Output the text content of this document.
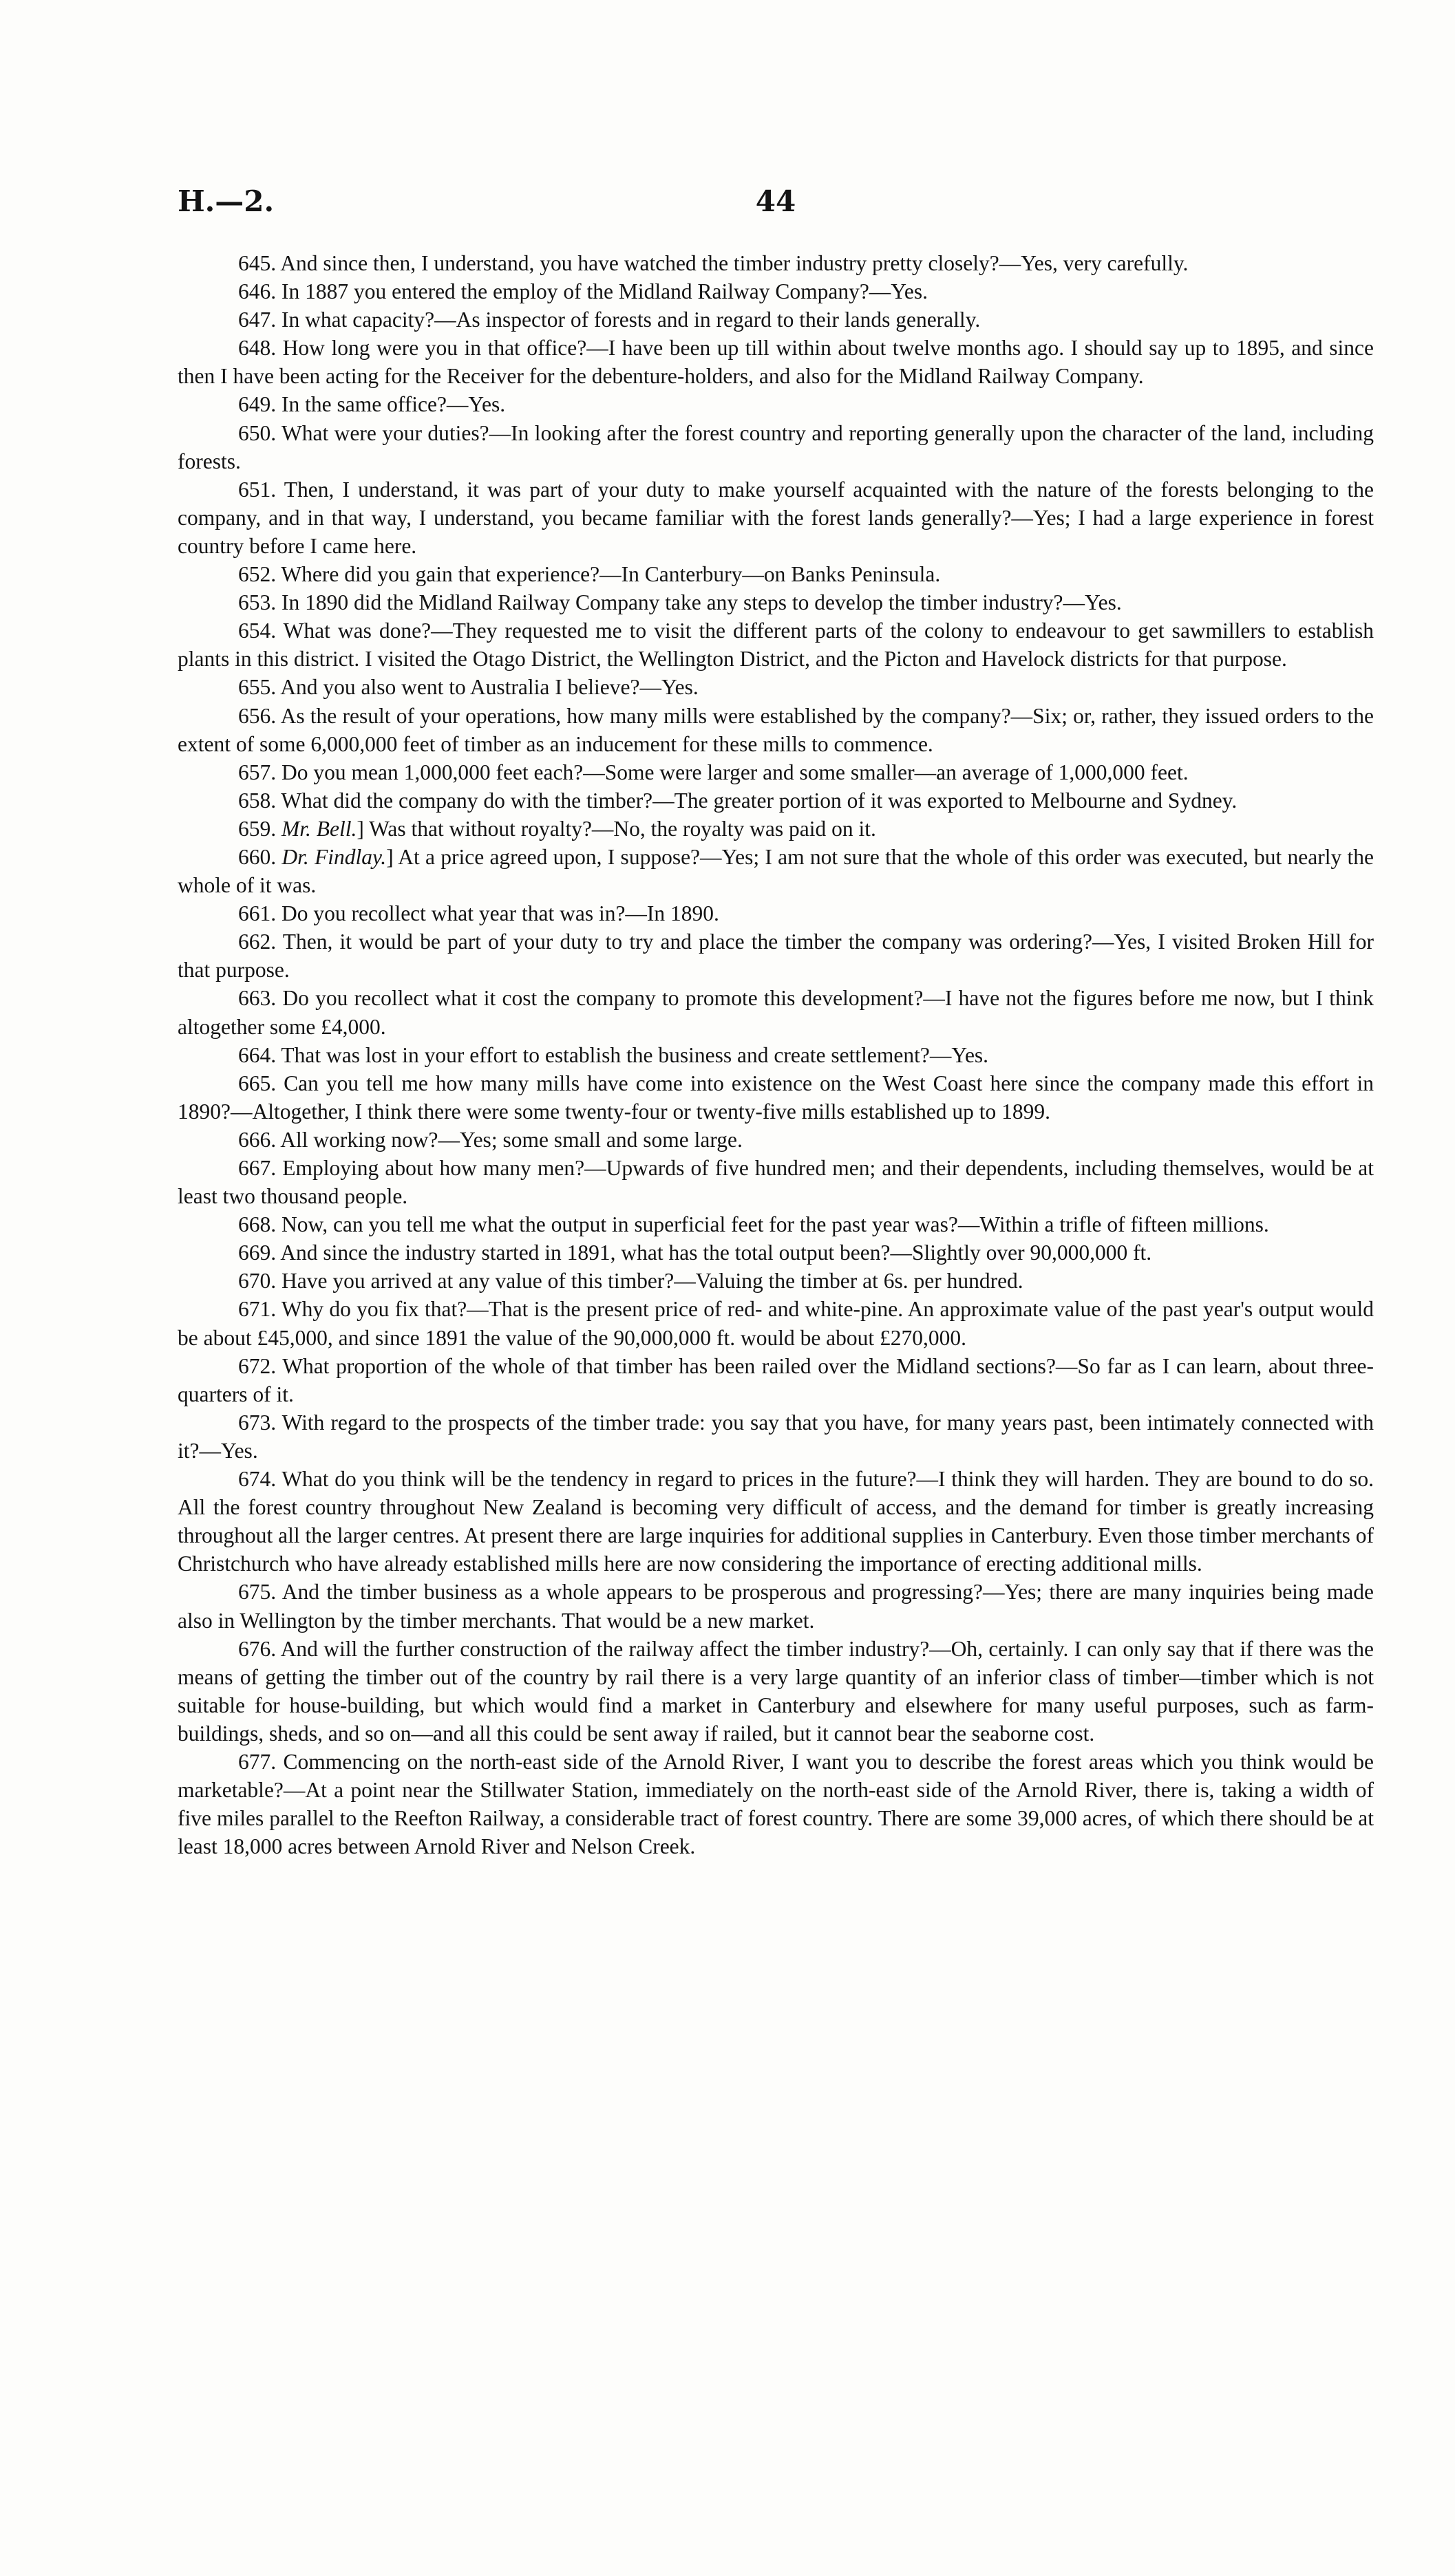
H.—2.	44

645. And since then, I understand, you have watched the timber industry pretty closely?—Yes, very carefully.

646. In 1887 you entered the employ of the Midland Railway Company?—Yes.

647. In what capacity?—As inspector of forests and in regard to their lands generally.

648. How long were you in that office?—I have been up till within about twelve months ago. I should say up to 1895, and since then I have been acting for the Receiver for the debenture-holders, and also for the Midland Railway Company.

649. In the same office?—Yes.

650. What were your duties?—In looking after the forest country and reporting generally upon the character of the land, including forests.

651. Then, I understand, it was part of your duty to make yourself acquainted with the nature of the forests belonging to the company, and in that way, I understand, you became familiar with the forest lands generally?—Yes; I had a large experience in forest country before I came here.

652. Where did you gain that experience?—In Canterbury—on Banks Peninsula.

653. In 1890 did the Midland Railway Company take any steps to develop the timber industry?—Yes.

654. What was done?—They requested me to visit the different parts of the colony to endeavour to get sawmillers to establish plants in this district. I visited the Otago District, the Wellington District, and the Picton and Havelock districts for that purpose.

655. And you also went to Australia I believe?—Yes.

656. As the result of your operations, how many mills were established by the company?—Six; or, rather, they issued orders to the extent of some 6,000,000 feet of timber as an inducement for these mills to commence.

657. Do you mean 1,000,000 feet each?—Some were larger and some smaller—an average of 1,000,000 feet.

658. What did the company do with the timber?—The greater portion of it was exported to Melbourne and Sydney.

659. Mr. Bell.] Was that without royalty?—No, the royalty was paid on it.

660. Dr. Findlay.] At a price agreed upon, I suppose?—Yes; I am not sure that the whole of this order was executed, but nearly the whole of it was.

661. Do you recollect what year that was in?—In 1890.

662. Then, it would be part of your duty to try and place the timber the company was ordering?—Yes, I visited Broken Hill for that purpose.

663. Do you recollect what it cost the company to promote this development?—I have not the figures before me now, but I think altogether some £4,000.

664. That was lost in your effort to establish the business and create settlement?—Yes.

665. Can you tell me how many mills have come into existence on the West Coast here since the company made this effort in 1890?—Altogether, I think there were some twenty-four or twenty-five mills established up to 1899.

666. All working now?—Yes; some small and some large.

667. Employing about how many men?—Upwards of five hundred men; and their dependents, including themselves, would be at least two thousand people.

668. Now, can you tell me what the output in superficial feet for the past year was?—Within a trifle of fifteen millions.

669. And since the industry started in 1891, what has the total output been?—Slightly over 90,000,000 ft.

670. Have you arrived at any value of this timber?—Valuing the timber at 6s. per hundred.

671. Why do you fix that?—That is the present price of red- and white-pine. An approximate value of the past year's output would be about £45,000, and since 1891 the value of the 90,000,000 ft. would be about £270,000.

672. What proportion of the whole of that timber has been railed over the Midland sections?—So far as I can learn, about three-quarters of it.

673. With regard to the prospects of the timber trade: you say that you have, for many years past, been intimately connected with it?—Yes.

674. What do you think will be the tendency in regard to prices in the future?—I think they will harden. They are bound to do so. All the forest country throughout New Zealand is becoming very difficult of access, and the demand for timber is greatly increasing throughout all the larger centres. At present there are large inquiries for additional supplies in Canterbury. Even those timber merchants of Christchurch who have already established mills here are now considering the importance of erecting additional mills.

675. And the timber business as a whole appears to be prosperous and progressing?—Yes; there are many inquiries being made also in Wellington by the timber merchants. That would be a new market.

676. And will the further construction of the railway affect the timber industry?—Oh, certainly. I can only say that if there was the means of getting the timber out of the country by rail there is a very large quantity of an inferior class of timber—timber which is not suitable for house-building, but which would find a market in Canterbury and elsewhere for many useful purposes, such as farm-buildings, sheds, and so on—and all this could be sent away if railed, but it cannot bear the seaborne cost.

677. Commencing on the north-east side of the Arnold River, I want you to describe the forest areas which you think would be marketable?—At a point near the Stillwater Station, immediately on the north-east side of the Arnold River, there is, taking a width of five miles parallel to the Reefton Railway, a considerable tract of forest country. There are some 39,000 acres, of which there should be at least 18,000 acres between Arnold River and Nelson Creek.
